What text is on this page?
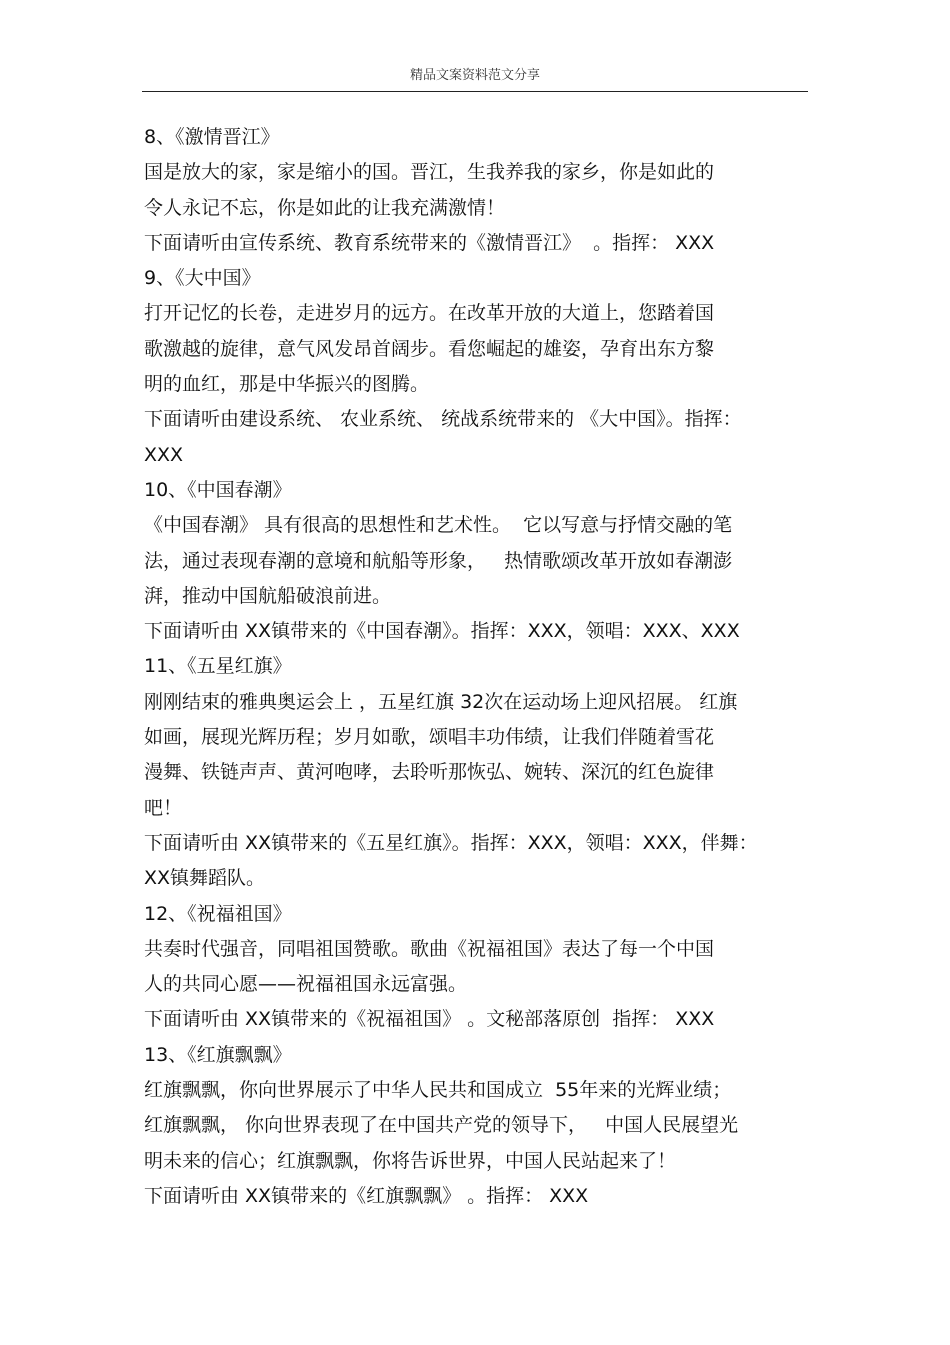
精品文案资料范文分享
8、《激情晋江》
国是放大的家，家是缩小的国。晋江，生我养我的家乡，你是如此的
令人永记不忘，你是如此的让我充满激情！
下面请听由宣传系统、教育系统带来的《激情晋江》  。指挥： XXX
9、《大中国》
打开记忆的长卷，走进岁月的远方。在改革开放的大道上，您踏着国
歌激越的旋律，意气风发昂首阔步。看您崛起的雄姿，孕育出东方黎
明的血红，那是中华振兴的图腾。
下面请听由建设系统、 农业系统、 统战系统带来的 《大中国》。指挥：
XXX
10、《中国春潮》
《中国春潮》 具有很高的思想性和艺术性。  它以写意与抒情交融的笔
法，通过表现春潮的意境和航船等形象，   热情歌颂改革开放如春潮澎
湃，推动中国航船破浪前进。
下面请听由 XX镇带来的《中国春潮》。指挥：XXX，领唱：XXX、XXX
11、《五星红旗》
刚刚结束的雅典奥运会上 ，五星红旗 32次在运动场上迎风招展。 红旗
如画，展现光辉历程；岁月如歌，颂唱丰功伟绩，让我们伴随着雪花
漫舞、铁链声声、黄河咆哮，去聆听那恢弘、婉转、深沉的红色旋律
吧！
下面请听由 XX镇带来的《五星红旗》。指挥：XXX，领唱：XXX，伴舞：
XX镇舞蹈队。
12、《祝福祖国》
共奏时代强音，同唱祖国赞歌。歌曲《祝福祖国》表达了每一个中国
人的共同心愿——祝福祖国永远富强。
下面请听由 XX镇带来的《祝福祖国》 。文秘部落原创  指挥： XXX
13、《红旗飘飘》
红旗飘飘，你向世界展示了中华人民共和国成立  55年来的光辉业绩；
红旗飘飘， 你向世界表现了在中国共产党的领导下，   中国人民展望光
明未来的信心；红旗飘飘，你将告诉世界，中国人民站起来了！
下面请听由 XX镇带来的《红旗飘飘》 。指挥： XXX
